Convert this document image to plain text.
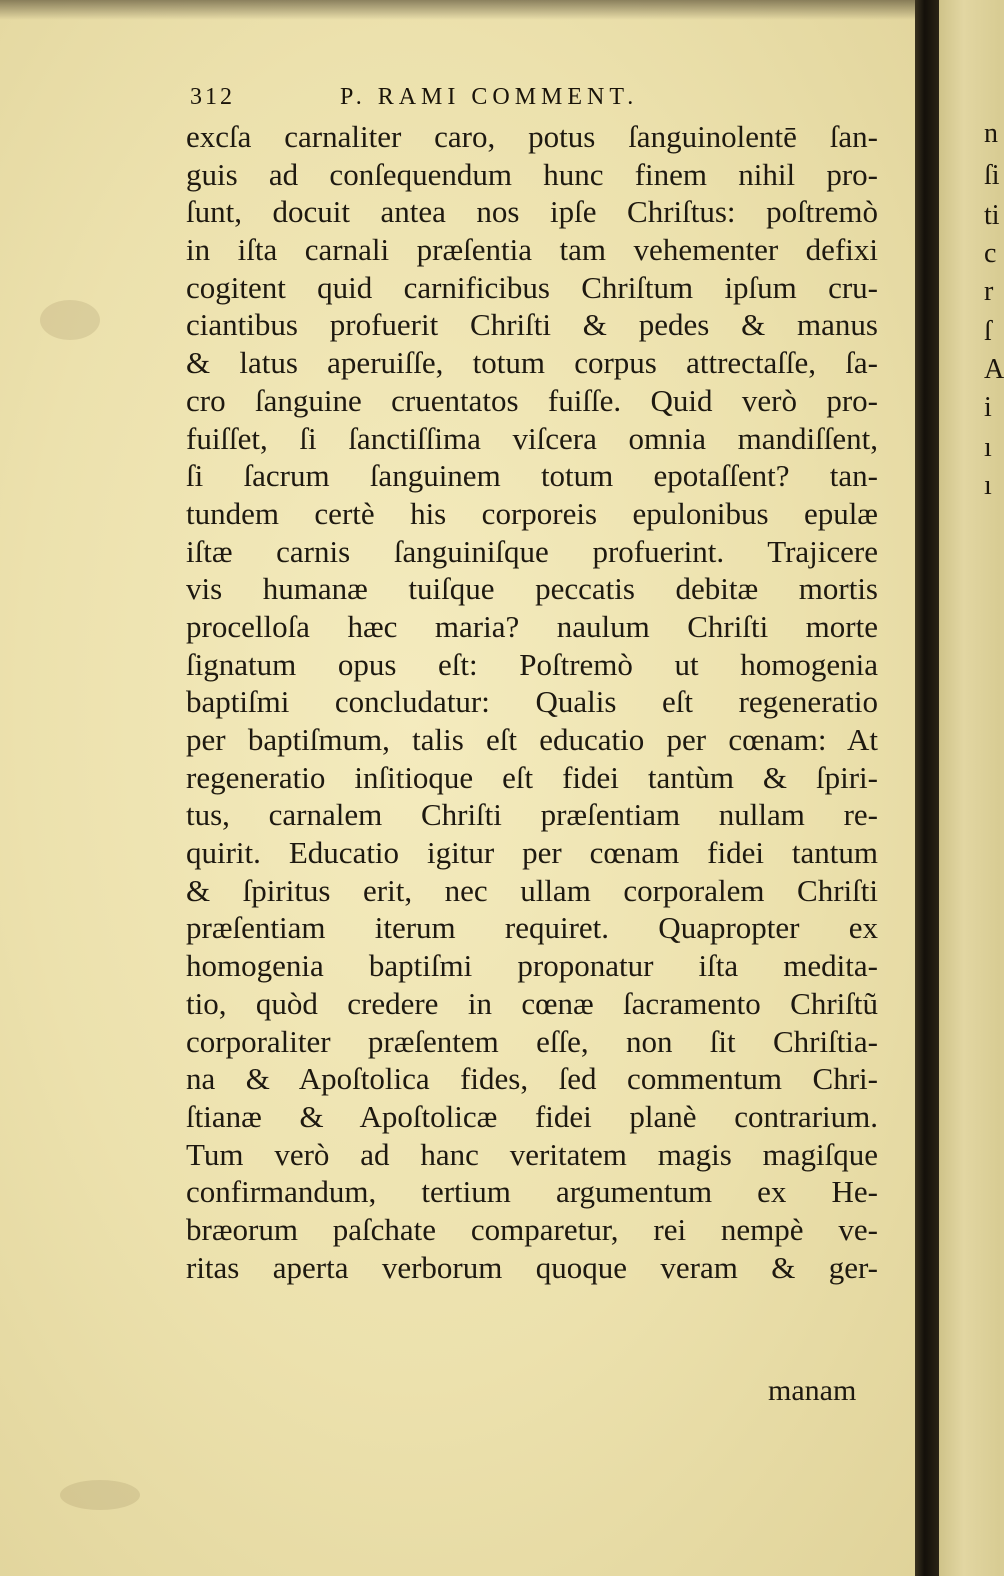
312	P. RAMI COMMENT.
excſa carnaliter caro, potus ſanguinolentē ſan-
guis ad conſequendum hunc finem nihil pro-
ſunt, docuit antea nos ipſe Chriſtus: poſtremò
in iſta carnali præſentia tam vehementer defixi
cogitent quid carnificibus Chriſtum ipſum cru-
ciantibus profuerit Chriſti & pedes & manus
& latus aperuiſſe, totum corpus attrectaſſe, ſa-
cro ſanguine cruentatos fuiſſe. Quid verò pro-
fuiſſet, ſi ſanctiſſima viſcera omnia mandiſſent,
ſi ſacrum ſanguinem totum epotaſſent? tan-
tundem certè his corporeis epulonibus epulæ
iſtæ carnis ſanguiniſque profuerint. Trajicere
vis humanæ tuiſque peccatis debitæ mortis
procelloſa hæc maria? naulum Chriſti morte
ſignatum opus eſt: Poſtremò ut homogenia
baptiſmi concludatur: Qualis eſt regeneratio
per baptiſmum, talis eſt educatio per cœnam: At
regeneratio inſitioque eſt fidei tantùm & ſpiri-
tus, carnalem Chriſti præſentiam nullam re-
quirit. Educatio igitur per cœnam fidei tantum
& ſpiritus erit, nec ullam corporalem Chriſti
præſentiam iterum requiret. Quapropter ex
homogenia baptiſmi proponatur iſta medita-
tio, quòd credere in cœnæ ſacramento Chriſtũ
corporaliter præſentem eſſe, non ſit Chriſtia-
na & Apoſtolica fides, ſed commentum Chri-
ſtianæ & Apoſtolicæ fidei planè contrarium.
Tum verò ad hanc veritatem magis magiſque
confirmandum, tertium argumentum ex He-
bræorum paſchate comparetur, rei nempè ve-
ritas aperta verborum quoque veram & ger-
manam
n
ſi
ti
c
r
ſ
A
i
ı
ı
